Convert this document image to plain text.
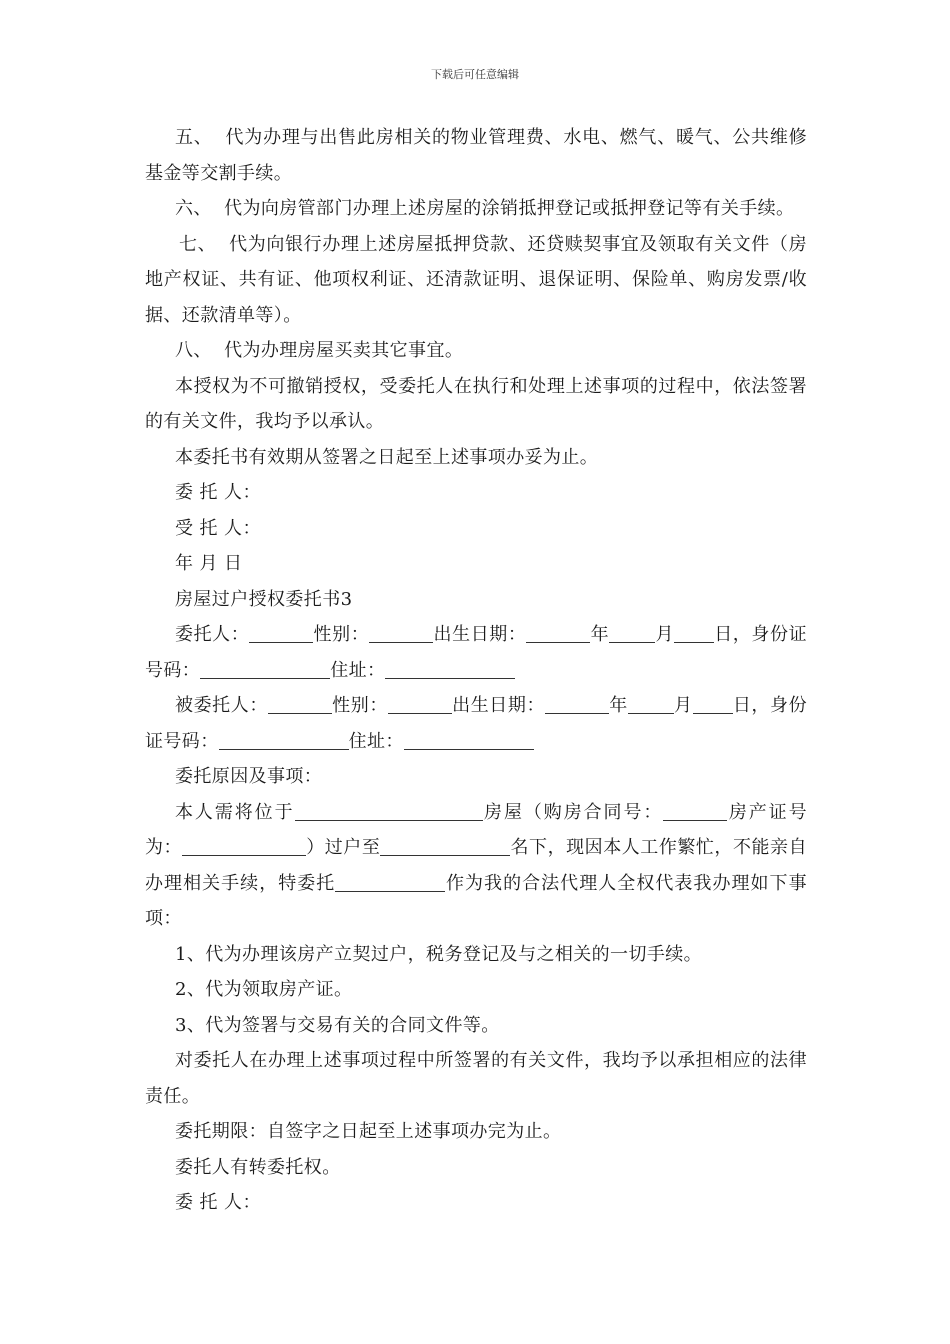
下载后可任意编辑

五、 代为办理与出售此房相关的物业管理费、水电、燃气、暖气、公共维修基金等交割手续。

六、 代为向房管部门办理上述房屋的涂销抵押登记或抵押登记等有关手续。

七、 代为向银行办理上述房屋抵押贷款、还贷赎契事宜及领取有关文件（房地产权证、共有证、他项权利证、还清款证明、退保证明、保险单、购房发票/收据、还款清单等）。

八、 代为办理房屋买卖其它事宜。

本授权为不可撤销授权，受委托人在执行和处理上述事项的过程中，依法签署的有关文件，我均予以承认。

本委托书有效期从签署之日起至上述事项办妥为止。

委 托 人：

受 托 人：

年 月 日

房屋过户授权委托书3

委托人：	性别：	出生日期：	年	月 日，身份证号码：	住址：

被委托人：	性别：	出生日期：	年	月 日，身份证号码：	住址：

委托原因及事项：

本人需将位于	房屋（购房合同号：	房产证号为：	）过户至	名下，现因本人工作繁忙，不能亲自办理相关手续，特委托	作为我的合法代理人全权代表我办理如下事项：

1、代为办理该房产立契过户，税务登记及与之相关的一切手续。

2、代为领取房产证。

3、代为签署与交易有关的合同文件等。

对委托人在办理上述事项过程中所签署的有关文件，我均予以承担相应的法律责任。

委托期限：自签字之日起至上述事项办完为止。

委托人有转委托权。

委 托 人：
